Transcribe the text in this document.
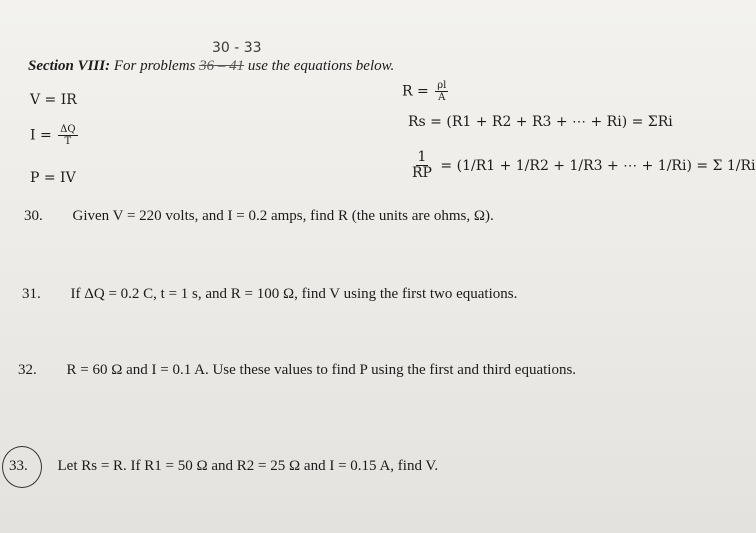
Section VIII: For problems 36 – 41 use the equations below.
30 - 33
V = IR
$I = \frac{\Delta Q}{T}$
P = IV
$R = \frac{\rho l}{A}$
Rs = (R1 + R2 + R3 + ⋯ + Ri) = ΣRi
$\frac{1}{RP} = (1/R1 + 1/R2 + 1/R3$ + ⋯ + 1/Ri) = Σ 1/Ri
30. Given V = 220 volts, and I = 0.2 amps, find R (the units are ohms, Ω).
31. If ΔQ = 0.2 C, t = 1 s, and R = 100 Ω, find V using the first two equations.
32. R = 60 Ω and I = 0.1 A. Use these values to find P using the first and third equations.
33. Let Rs = R. If R1 = 50 Ω and R2 = 25 Ω and I = 0.15 A, find V.
